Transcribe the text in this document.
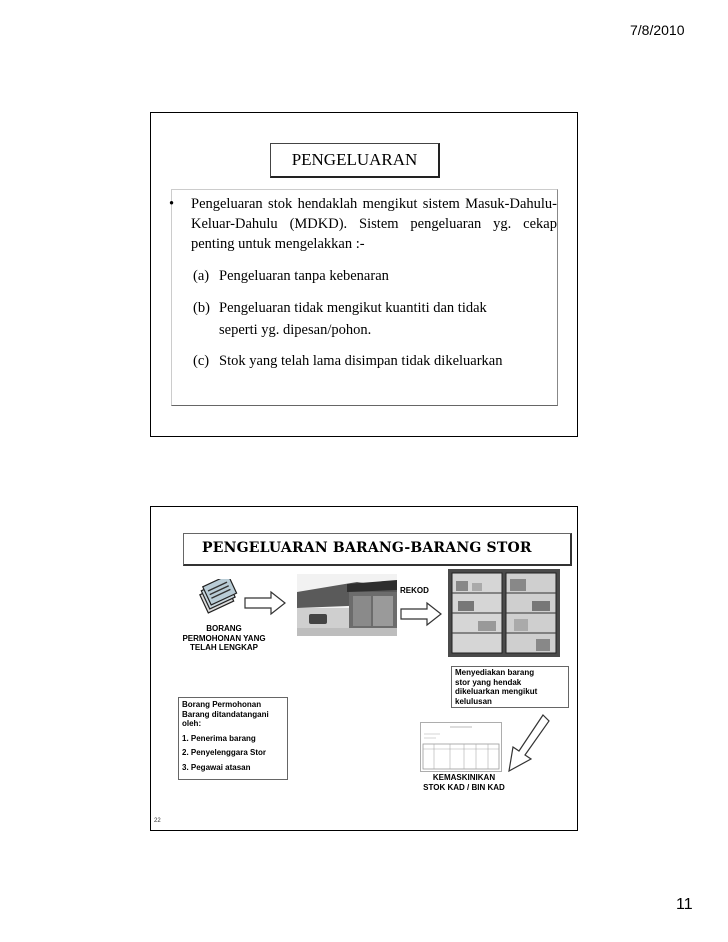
7/8/2010
PENGELUARAN
• Pengeluaran stok hendaklah mengikut sistem Masuk-Dahulu-Keluar-Dahulu (MDKD). Sistem pengeluaran yg. cekap penting untuk mengelakkan :-
(a) Pengeluaran tanpa kebenaran
(b) Pengeluaran tidak mengikut kuantiti dan tidak
seperti yg. dipesan/pohon.
(c) Stok yang telah lama disimpan tidak dikeluarkan
PENGELUARAN BARANG-BARANG STOR
BORANG
PERMOHONAN YANG
TELAH LENGKAP
REKOD
Menyediakan barang
stor yang hendak
dikeluarkan mengikut
kelulusan
Borang Permohonan
Barang ditandatangani
oleh:
1. Penerima barang
2. Penyelenggara Stor
3. Pegawai atasan
KEMASKINIKAN
STOK KAD / BIN KAD
22
11
